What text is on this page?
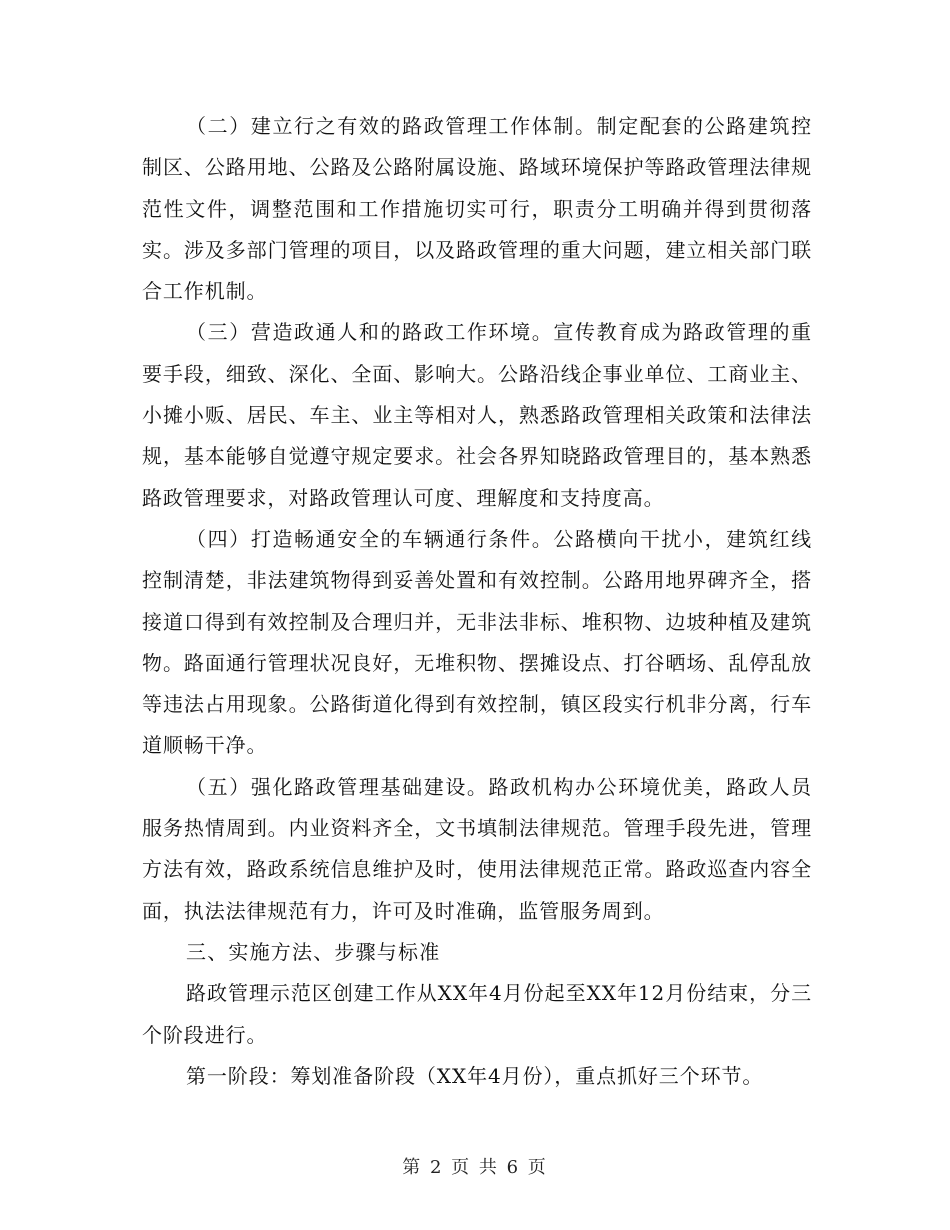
（二）建立行之有效的路政管理工作体制。制定配套的公路建筑控制区、公路用地、公路及公路附属设施、路域环境保护等路政管理法律规范性文件，调整范围和工作措施切实可行，职责分工明确并得到贯彻落实。涉及多部门管理的项目，以及路政管理的重大问题，建立相关部门联合工作机制。

（三）营造政通人和的路政工作环境。宣传教育成为路政管理的重要手段，细致、深化、全面、影响大。公路沿线企事业单位、工商业主、小摊小贩、居民、车主、业主等相对人，熟悉路政管理相关政策和法律法规，基本能够自觉遵守规定要求。社会各界知晓路政管理目的，基本熟悉路政管理要求，对路政管理认可度、理解度和支持度高。

（四）打造畅通安全的车辆通行条件。公路横向干扰小，建筑红线控制清楚，非法建筑物得到妥善处置和有效控制。公路用地界碑齐全，搭接道口得到有效控制及合理归并，无非法非标、堆积物、边坡种植及建筑物。路面通行管理状况良好，无堆积物、摆摊设点、打谷晒场、乱停乱放等违法占用现象。公路街道化得到有效控制，镇区段实行机非分离，行车道顺畅干净。

（五）强化路政管理基础建设。路政机构办公环境优美，路政人员服务热情周到。内业资料齐全，文书填制法律规范。管理手段先进，管理方法有效，路政系统信息维护及时，使用法律规范正常。路政巡查内容全面，执法法律规范有力，许可及时准确，监管服务周到。

三、实施方法、步骤与标准

路政管理示范区创建工作从XX年4月份起至XX年12月份结束，分三个阶段进行。

第一阶段：筹划准备阶段（XX年4月份），重点抓好三个环节。

第 2 页 共 6 页
